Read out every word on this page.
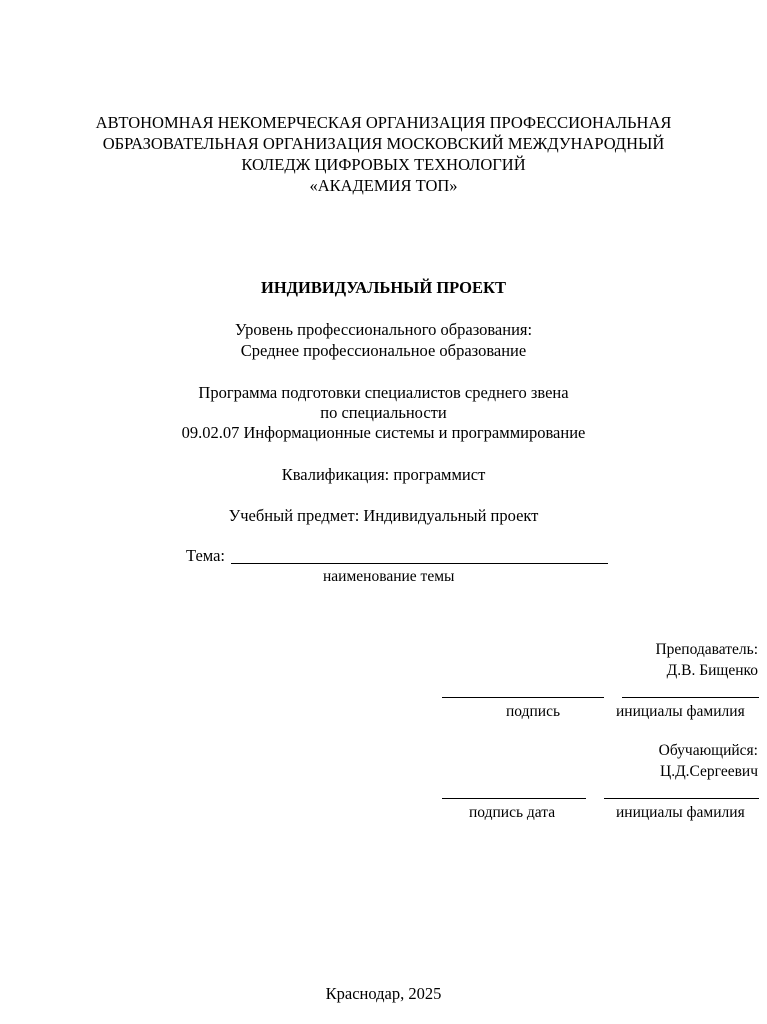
АВТОНОМНАЯ НЕКОМЕРЧЕСКАЯ ОРГАНИЗАЦИЯ ПРОФЕССИОНАЛЬНАЯ
ОБРАЗОВАТЕЛЬНАЯ ОРГАНИЗАЦИЯ МОСКОВСКИЙ МЕЖДУНАРОДНЫЙ
КОЛЕДЖ ЦИФРОВЫХ ТЕХНОЛОГИЙ
«АКАДЕМИЯ ТОП»
ИНДИВИДУАЛЬНЫЙ ПРОЕКТ
Уровень профессионального образования:
Среднее профессиональное образование
Программа подготовки специалистов среднего звена
по специальности
09.02.07 Информационные системы и программирование
Квалификация: программист
Учебный предмет: Индивидуальный проект
Тема:
наименование темы
Преподаватель:
Д.В. Бищенко
подпись	инициалы фамилия
Обучающийся:
Ц.Д.Сергеевич
подпись дата	инициалы фамилия
Краснодар, 2025
